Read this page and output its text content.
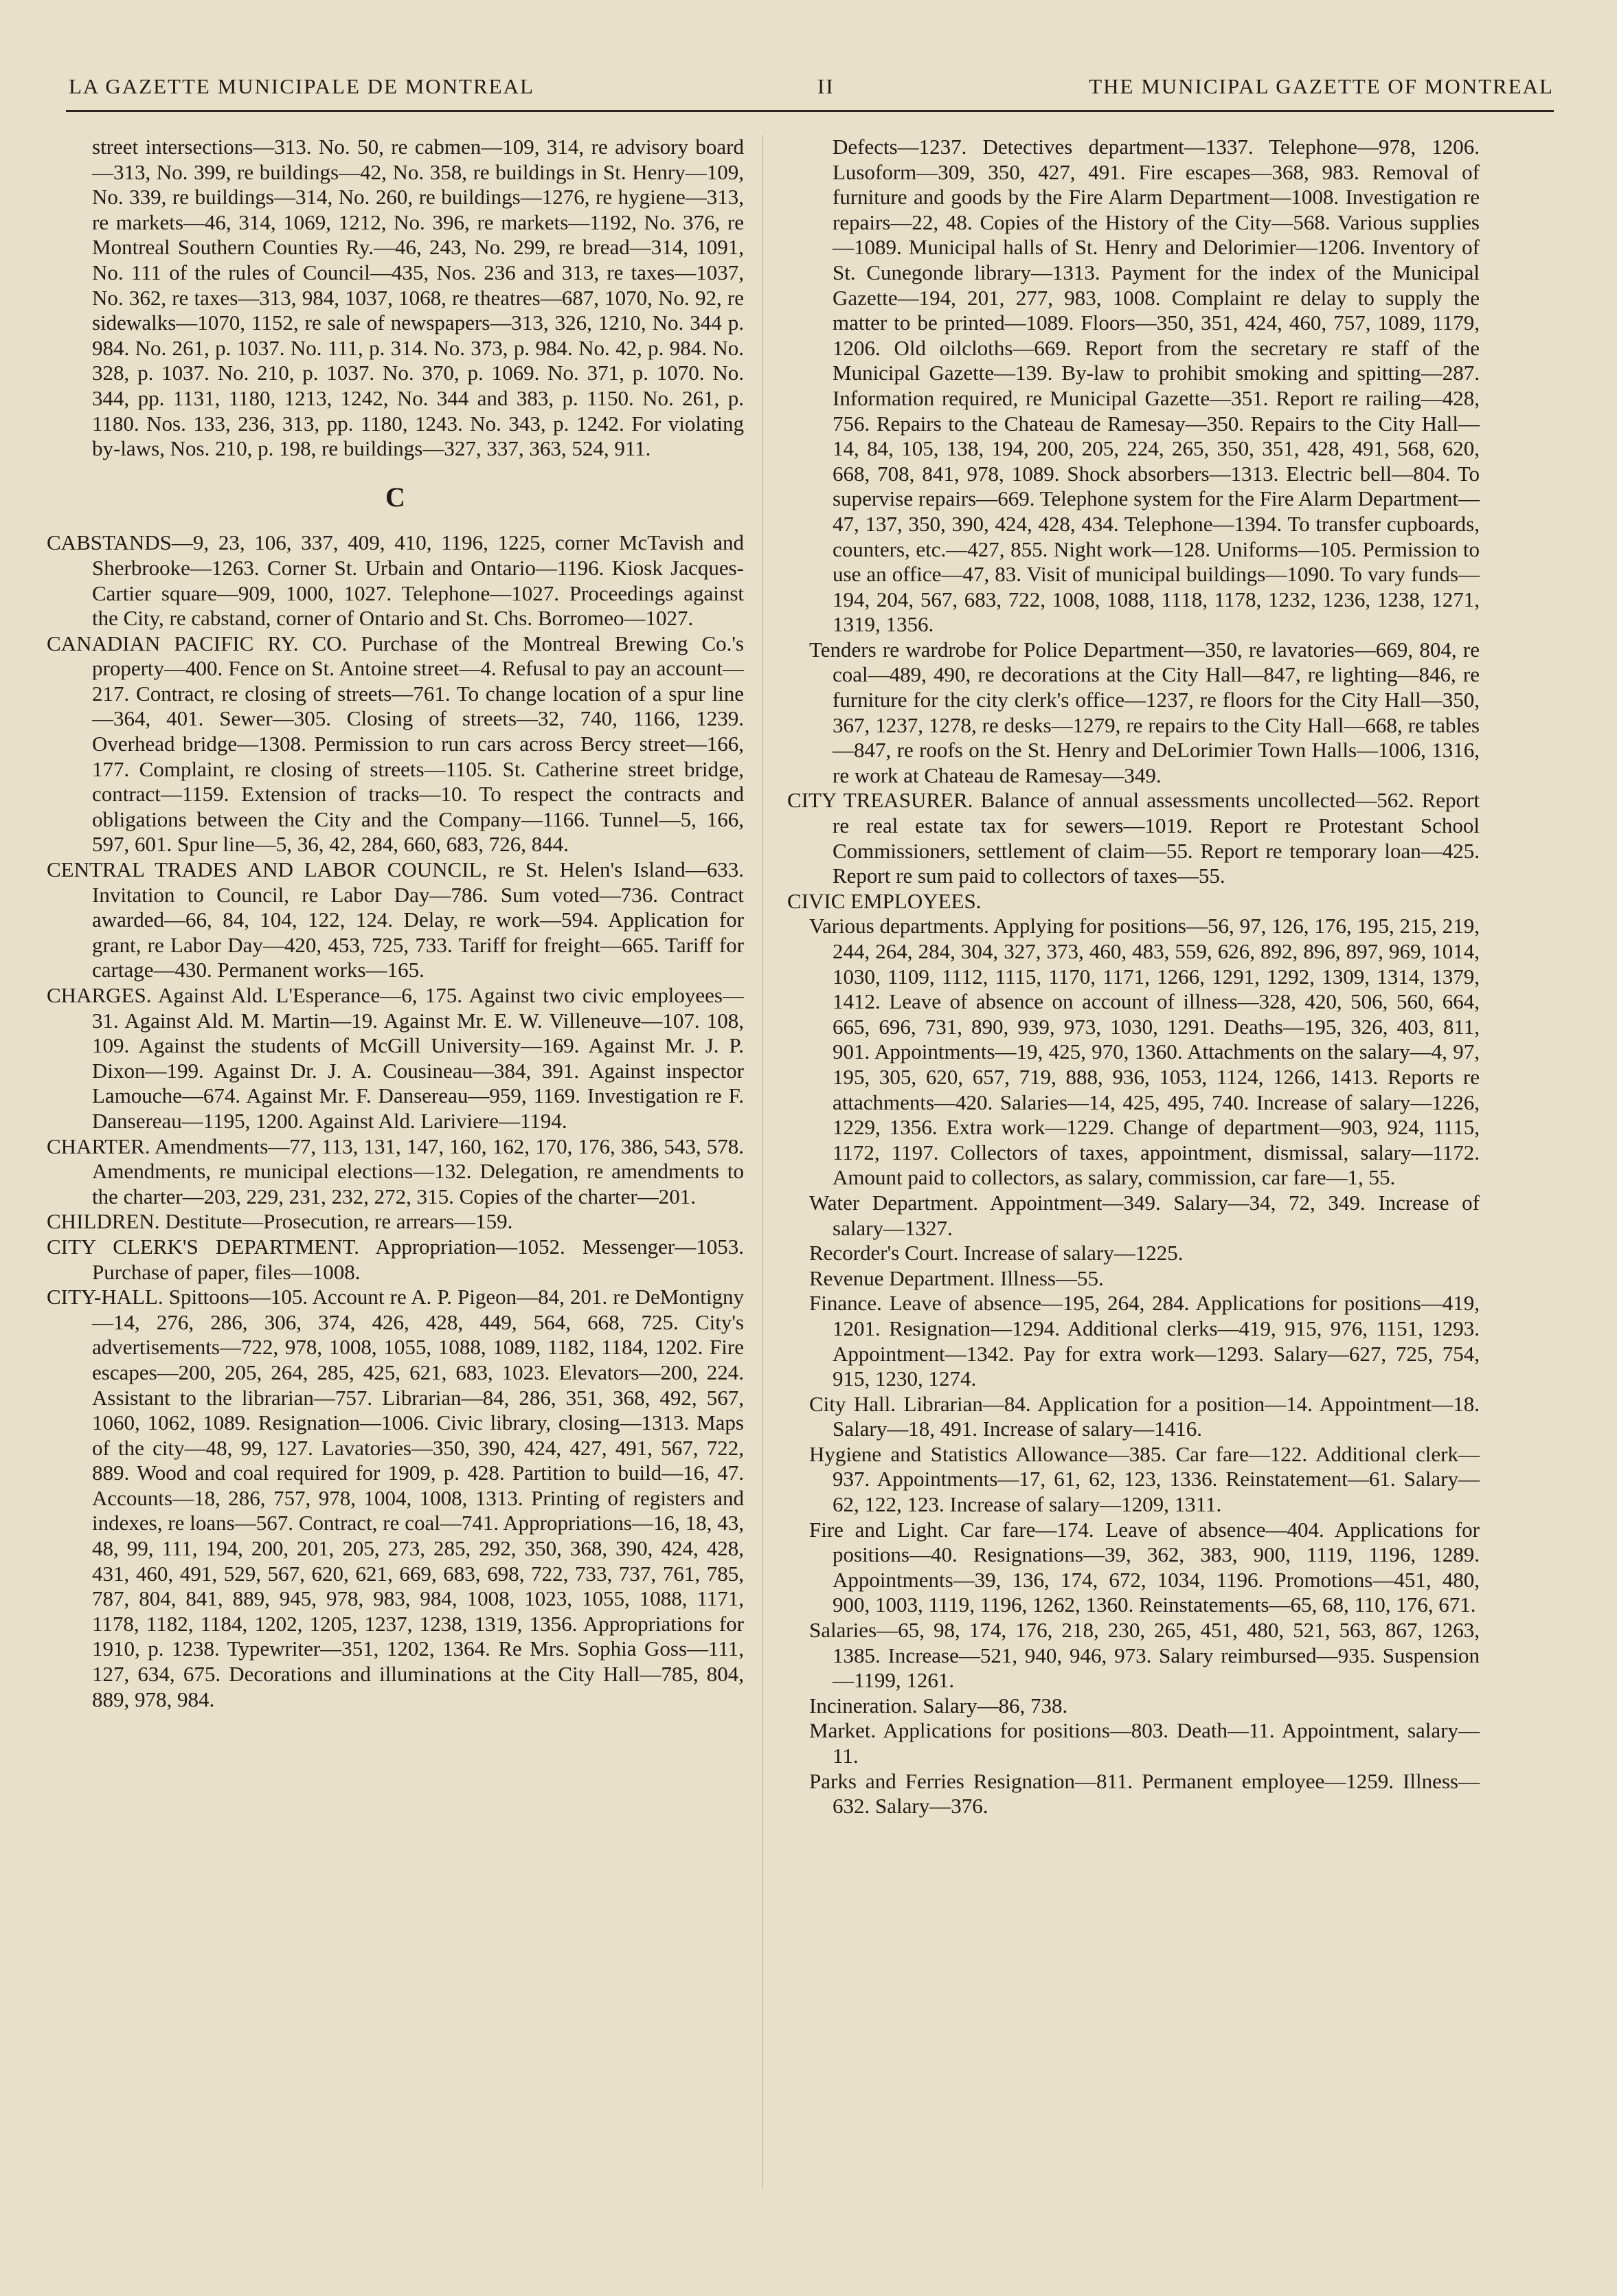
LA GAZETTE MUNICIPALE DE MONTREAL	II	THE MUNICIPAL GAZETTE OF MONTREAL

street intersections—313. No. 50, re cabmen—109, 314, re advisory board—313, No. 399, re buildings—42, No. 358, re buildings in St. Henry—109, No. 339, re buildings—314, No. 260, re buildings—1276, re hygiene—313, re markets—46, 314, 1069, 1212, No. 396, re markets—1192, No. 376, re Montreal Southern Counties Ry.—46, 243, No. 299, re bread—314, 1091, No. 111 of the rules of Council—435, Nos. 236 and 313, re taxes—1037, No. 362, re taxes—313, 984, 1037, 1068, re theatres—687, 1070, No. 92, re sidewalks—1070, 1152, re sale of newspapers—313, 326, 1210, No. 344 p. 984. No. 261, p. 1037. No. 111, p. 314. No. 373, p. 984. No. 42, p. 984. No. 328, p. 1037. No. 210, p. 1037. No. 370, p. 1069. No. 371, p. 1070. No. 344, pp. 1131, 1180, 1213, 1242, No. 344 and 383, p. 1150. No. 261, p. 1180. Nos. 133, 236, 313, pp. 1180, 1243. No. 343, p. 1242. For violating by-laws, Nos. 210, p. 198, re buildings—327, 337, 363, 524, 911.

C

CABSTANDS—9, 23, 106, 337, 409, 410, 1196, 1225, corner McTavish and Sherbrooke—1263. Corner St. Urbain and Ontario—1196. Kiosk Jacques-Cartier square—909, 1000, 1027. Telephone—1027. Proceedings against the City, re cabstand, corner of Ontario and St. Chs. Borromeo—1027.

CANADIAN PACIFIC RY. CO. Purchase of the Montreal Brewing Co.'s property—400. Fence on St. Antoine street—4. Refusal to pay an account—217. Contract, re closing of streets—761. To change location of a spur line—364, 401. Sewer—305. Closing of streets—32, 740, 1166, 1239. Overhead bridge—1308. Permission to run cars across Bercy street—166, 177. Complaint, re closing of streets—1105. St. Catherine street bridge, contract—1159. Extension of tracks—10. To respect the contracts and obligations between the City and the Company—1166. Tunnel—5, 166, 597, 601. Spur line—5, 36, 42, 284, 660, 683, 726, 844.

CENTRAL TRADES AND LABOR COUNCIL, re St. Helen's Island—633. Invitation to Council, re Labor Day—786. Sum voted—736. Contract awarded—66, 84, 104, 122, 124. Delay, re work—594. Application for grant, re Labor Day—420, 453, 725, 733. Tariff for freight—665. Tariff for cartage—430. Permanent works—165.

CHARGES. Against Ald. L'Esperance—6, 175. Against two civic employees—31. Against Ald. M. Martin—19. Against Mr. E. W. Villeneuve—107. 108, 109. Against the students of McGill University—169. Against Mr. J. P. Dixon—199. Against Dr. J. A. Cousineau—384, 391. Against inspector Lamouche—674. Against Mr. F. Dansereau—959, 1169. Investigation re F. Dansereau—1195, 1200. Against Ald. Lariviere—1194.

CHARTER. Amendments—77, 113, 131, 147, 160, 162, 170, 176, 386, 543, 578. Amendments, re municipal elections—132. Delegation, re amendments to the charter—203, 229, 231, 232, 272, 315. Copies of the charter—201.

CHILDREN. Destitute—Prosecution, re arrears—159.

CITY CLERK'S DEPARTMENT. Appropriation—1052. Messenger—1053. Purchase of paper, files—1008.

CITY-HALL. Spittoons—105. Account re A. P. Pigeon—84, 201. re DeMontigny—14, 276, 286, 306, 374, 426, 428, 449, 564, 668, 725. City's advertisements—722, 978, 1008, 1055, 1088, 1089, 1182, 1184, 1202. Fire escapes—200, 205, 264, 285, 425, 621, 683, 1023. Elevators—200, 224. Assistant to the librarian—757. Librarian—84, 286, 351, 368, 492, 567, 1060, 1062, 1089. Resignation—1006. Civic library, closing—1313. Maps of the city—48, 99, 127. Lavatories—350, 390, 424, 427, 491, 567, 722, 889. Wood and coal required for 1909, p. 428. Partition to build—16, 47. Accounts—18, 286, 757, 978, 1004, 1008, 1313. Printing of registers and indexes, re loans—567. Contract, re coal—741. Appropriations—16, 18, 43, 48, 99, 111, 194, 200, 201, 205, 273, 285, 292, 350, 368, 390, 424, 428, 431, 460, 491, 529, 567, 620, 621, 669, 683, 698, 722, 733, 737, 761, 785, 787, 804, 841, 889, 945, 978, 983, 984, 1008, 1023, 1055, 1088, 1171, 1178, 1182, 1184, 1202, 1205, 1237, 1238, 1319, 1356. Appropriations for 1910, p. 1238. Typewriter—351, 1202, 1364. Re Mrs. Sophia Goss—111, 127, 634, 675. Decorations and illuminations at the City Hall—785, 804, 889, 978, 984.

Defects—1237. Detectives department—1337. Telephone—978, 1206. Lusoform—309, 350, 427, 491. Fire escapes—368, 983. Removal of furniture and goods by the Fire Alarm Department—1008. Investigation re repairs—22, 48. Copies of the History of the City—568. Various supplies—1089. Municipal halls of St. Henry and Delorimier—1206. Inventory of St. Cunegonde library—1313. Payment for the index of the Municipal Gazette—194, 201, 277, 983, 1008. Complaint re delay to supply the matter to be printed—1089. Floors—350, 351, 424, 460, 757, 1089, 1179, 1206. Old oilcloths—669. Report from the secretary re staff of the Municipal Gazette—139. By-law to prohibit smoking and spitting—287. Information required, re Municipal Gazette—351. Report re railing—428, 756. Repairs to the Chateau de Ramesay—350. Repairs to the City Hall—14, 84, 105, 138, 194, 200, 205, 224, 265, 350, 351, 428, 491, 568, 620, 668, 708, 841, 978, 1089. Shock absorbers—1313. Electric bell—804. To supervise repairs—669. Telephone system for the Fire Alarm Department—47, 137, 350, 390, 424, 428, 434. Telephone—1394. To transfer cupboards, counters, etc.—427, 855. Night work—128. Uniforms—105. Permission to use an office—47, 83. Visit of municipal buildings—1090. To vary funds—194, 204, 567, 683, 722, 1008, 1088, 1118, 1178, 1232, 1236, 1238, 1271, 1319, 1356.

Tenders re wardrobe for Police Department—350, re lavatories—669, 804, re coal—489, 490, re decorations at the City Hall—847, re lighting—846, re furniture for the city clerk's office—1237, re floors for the City Hall—350, 367, 1237, 1278, re desks—1279, re repairs to the City Hall—668, re tables—847, re roofs on the St. Henry and DeLorimier Town Halls—1006, 1316, re work at Chateau de Ramesay—349.

CITY TREASURER. Balance of annual assessments uncollected—562. Report re real estate tax for sewers—1019. Report re Protestant School Commissioners, settlement of claim—55. Report re temporary loan—425. Report re sum paid to collectors of taxes—55.

CIVIC EMPLOYEES.

Various departments. Applying for positions—56, 97, 126, 176, 195, 215, 219, 244, 264, 284, 304, 327, 373, 460, 483, 559, 626, 892, 896, 897, 969, 1014, 1030, 1109, 1112, 1115, 1170, 1171, 1266, 1291, 1292, 1309, 1314, 1379, 1412. Leave of absence on account of illness—328, 420, 506, 560, 664, 665, 696, 731, 890, 939, 973, 1030, 1291. Deaths—195, 326, 403, 811, 901. Appointments—19, 425, 970, 1360. Attachments on the salary—4, 97, 195, 305, 620, 657, 719, 888, 936, 1053, 1124, 1266, 1413. Reports re attachments—420. Salaries—14, 425, 495, 740. Increase of salary—1226, 1229, 1356. Extra work—1229. Change of department—903, 924, 1115, 1172, 1197. Collectors of taxes, appointment, dismissal, salary—1172. Amount paid to collectors, as salary, commission, car fare—1, 55.

Water Department. Appointment—349. Salary—34, 72, 349. Increase of salary—1327.

Recorder's Court. Increase of salary—1225.

Revenue Department. Illness—55.

Finance. Leave of absence—195, 264, 284. Applications for positions—419, 1201. Resignation—1294. Additional clerks—419, 915, 976, 1151, 1293. Appointment—1342. Pay for extra work—1293. Salary—627, 725, 754, 915, 1230, 1274.

City Hall. Librarian—84. Application for a position—14. Appointment—18. Salary—18, 491. Increase of salary—1416.

Hygiene and Statistics Allowance—385. Car fare—122. Additional clerk—937. Appointments—17, 61, 62, 123, 1336. Reinstatement—61. Salary—62, 122, 123. Increase of salary—1209, 1311.

Fire and Light. Car fare—174. Leave of absence—404. Applications for positions—40. Resignations—39, 362, 383, 900, 1119, 1196, 1289. Appointments—39, 136, 174, 672, 1034, 1196. Promotions—451, 480, 900, 1003, 1119, 1196, 1262, 1360. Reinstatements—65, 68, 110, 176, 671.

Salaries—65, 98, 174, 176, 218, 230, 265, 451, 480, 521, 563, 867, 1263, 1385. Increase—521, 940, 946, 973. Salary reimbursed—935. Suspension—1199, 1261.

Incineration. Salary—86, 738.

Market. Applications for positions—803. Death—11. Appointment, salary—11.

Parks and Ferries Resignation—811. Permanent employee—1259. Illness—632. Salary—376.
